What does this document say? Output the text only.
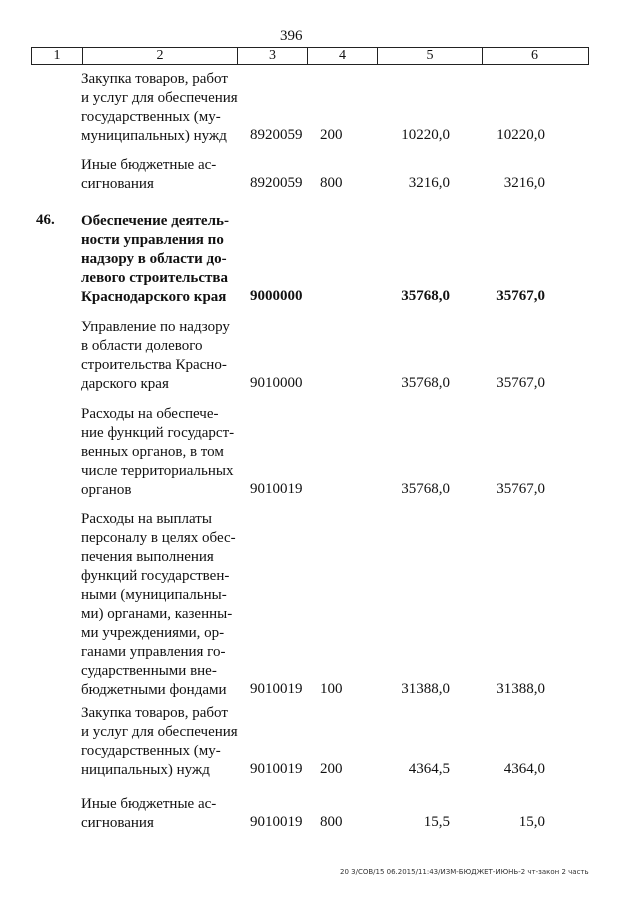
396
1	2	3	4	5	6
Закупка товаров, работ
и услуг для обеспечения
государственных (му-
муниципальных) нужд	8920059 200	10220,0	10220,0
Иные бюджетные ас-
сигнования	8920059 800	3216,0	3216,0
46. Обеспечение деятель-
ности управления по
надзору в области до-
левого строительства
Краснодарского края	9000000	35768,0	35767,0
Управление по надзору
в области долевого
строительства Красно-
дарского края	9010000	35768,0	35767,0
Расходы на обеспече-
ние функций государст-
венных органов, в том
числе территориальных
органов	9010019	35768,0	35767,0
Расходы на выплаты
персоналу в целях обес-
печения выполнения
функций государствен-
ными (муниципальны-
ми) органами, казенны-
ми учреждениями, ор-
ганами управления го-
сударственными вне-
бюджетными фондами	9010019 100	31388,0	31388,0
Закупка товаров, работ
и услуг для обеспечения
государственных (му-
ниципальных) нужд	9010019 200	4364,5	4364,0
Иные бюджетные ас-
сигнования	9010019 800	15,5	15,0
20 3/СОВ/15 06.2015/11:43/ИЗМ-БЮДЖЕТ-ИЮНЬ-2 чт-закон 2 часть
